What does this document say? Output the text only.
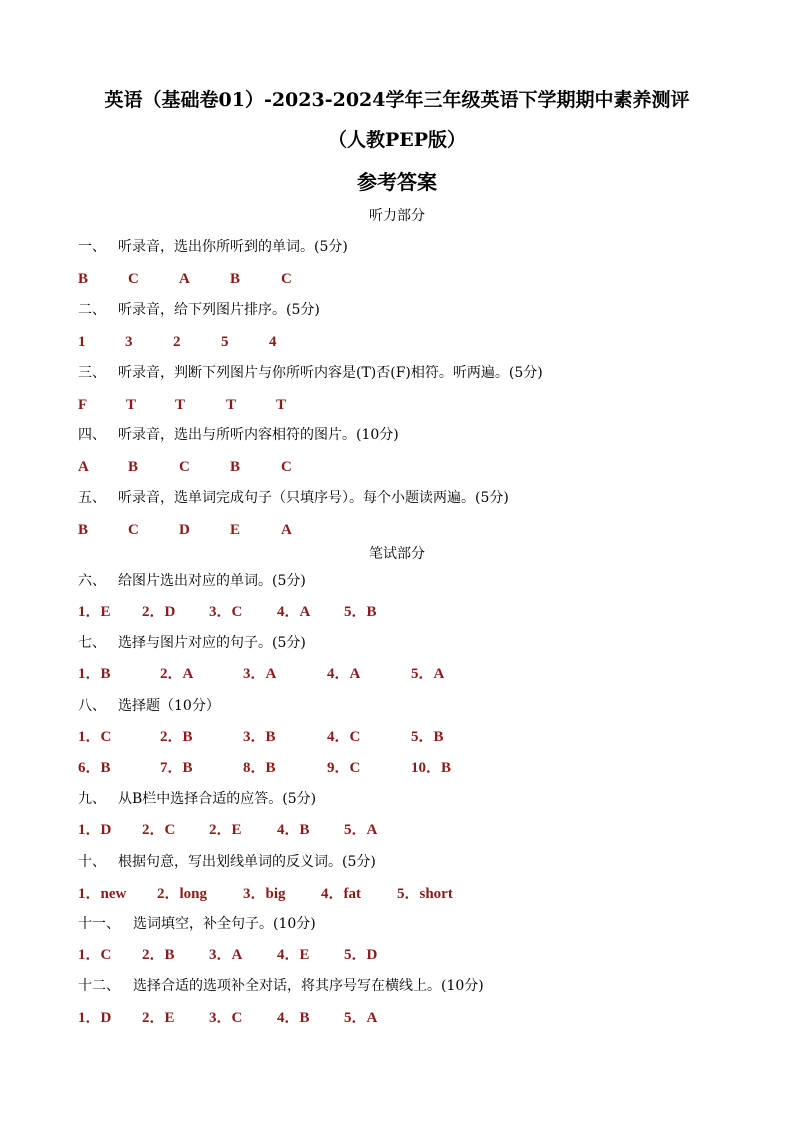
英语（基础卷01）-2023-2024学年三年级英语下学期期中素养测评
（人教PEP版）
参考答案
听力部分
一、 听录音，选出你所听到的单词。(5分)
B	C	A	B	C
二、 听录音，给下列图片排序。(5分)
1	3	2	5	4
三、 听录音，判断下列图片与你所听内容是(T)否(F)相符。听两遍。(5分)
F	T	T	T	T
四、 听录音，选出与所听内容相符的图片。(10分)
A	B	C	B	C
五、 听录音，选单词完成句子（只填序号）。每个小题读两遍。(5分)
B	C	D	E	A
笔试部分
六、 给图片选出对应的单词。(5分)
1．E 2．D 3．C 4．A 5．B
七、 选择与图片对应的句子。(5分)
1．B	2．A	3．A	4．A	5．A
八、 选择题（10分）
1．C	2．B	3．B	4．C	5．B
6．B	7．B	8．B	9．C	10．B
九、 从B栏中选择合适的应答。(5分)
1．D 2．C 2．E 4．B 5．A
十、 根据句意，写出划线单词的反义词。(5分)
1．new 2．long 3．big 4．fat 5．short
十一、 选词填空，补全句子。(10分)
1．C 2．B 3．A 4．E 5．D
十二、 选择合适的选项补全对话，将其序号写在横线上。(10分)
1．D 2．E 3．C 4．B 5．A
